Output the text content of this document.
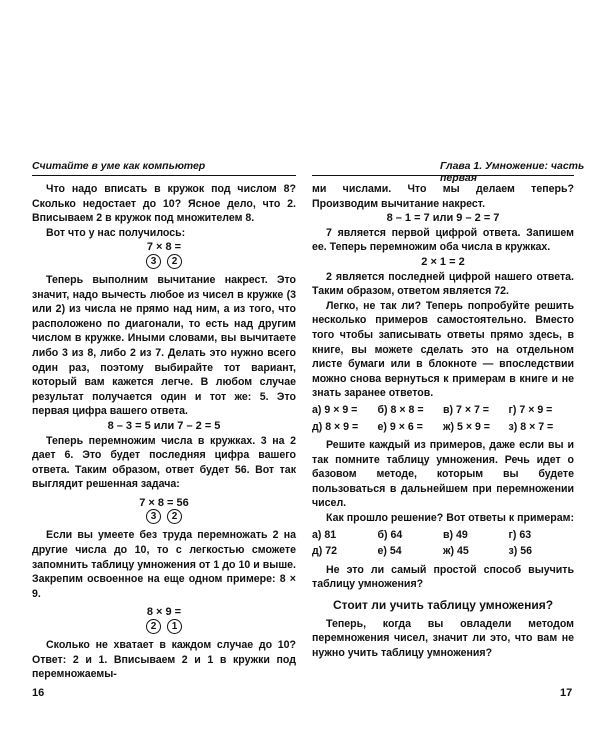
Считайте в уме как компьютер	Глава 1. Умножение: часть первая

Что надо вписать в кружок под числом 8? Сколько недостает до 10? Ясное дело, что 2. Вписываем 2 в кружок под множителем 8.

Вот что у нас получилось:

7 × 8 =
3	2

Теперь выполним вычитание накрест. Это значит, надо вычесть любое из чисел в кружке (3 или 2) из числа не прямо над ним, а из того, что расположено по диагонали, то есть над другим числом в кружке. Иными словами, вы вычитаете либо 3 из 8, либо 2 из 7. Делать это нужно всего один раз, поэтому выбирайте тот вариант, который вам кажется легче. В любом случае результат получается один и тот же: 5. Это первая цифра вашего ответа.

8 – 3 = 5 или 7 – 2 = 5

Теперь перемножим числа в кружках. 3 на 2 дает 6. Это будет последняя цифра вашего ответа. Таким образом, ответ будет 56. Вот так выглядит решенная задача:

7 × 8 = 56
3	2

Если вы умеете без труда перемножать 2 на другие числа до 10, то с легкостью сможете запомнить таблицу умножения от 1 до 10 и выше. Закрепим освоенное на еще одном примере: 8 × 9.

8 × 9 =
2	1

Сколько не хватает в каждом случае до 10? Ответ: 2 и 1. Вписываем 2 и 1 в кружки под перемножаемы-

ми числами. Что мы делаем теперь? Производим вычитание накрест.

8 – 1 = 7 или 9 – 2 = 7

7 является первой цифрой ответа. Запишем ее. Теперь перемножим оба числа в кружках.

2 × 1 = 2

2 является последней цифрой нашего ответа. Таким образом, ответом является 72.

Легко, не так ли? Теперь попробуйте решить несколько примеров самостоятельно. Вместо того чтобы записывать ответы прямо здесь, в книге, вы можете сделать это на отдельном листе бумаги или в блокноте — впоследствии можно снова вернуться к примерам в книге и не знать заранее ответов.

а) 9 × 9 =	б) 8 × 8 =	в) 7 × 7 =	г) 7 × 9 =
д) 8 × 9 =	е) 9 × 6 =	ж) 5 × 9 =	з) 8 × 7 =

Решите каждый из примеров, даже если вы и так помните таблицу умножения. Речь идет о базовом методе, которым вы будете пользоваться в дальнейшем при перемножении чисел.

Как прошло решение? Вот ответы к примерам:

а) 81	б) 64	в) 49	г) 63
д) 72	е) 54	ж) 45	з) 56

Не это ли самый простой способ выучить таблицу умножения?

Стоит ли учить таблицу умножения?

Теперь, когда вы овладели методом перемножения чисел, значит ли это, что вам не нужно учить таблицу умножения?

16	17
